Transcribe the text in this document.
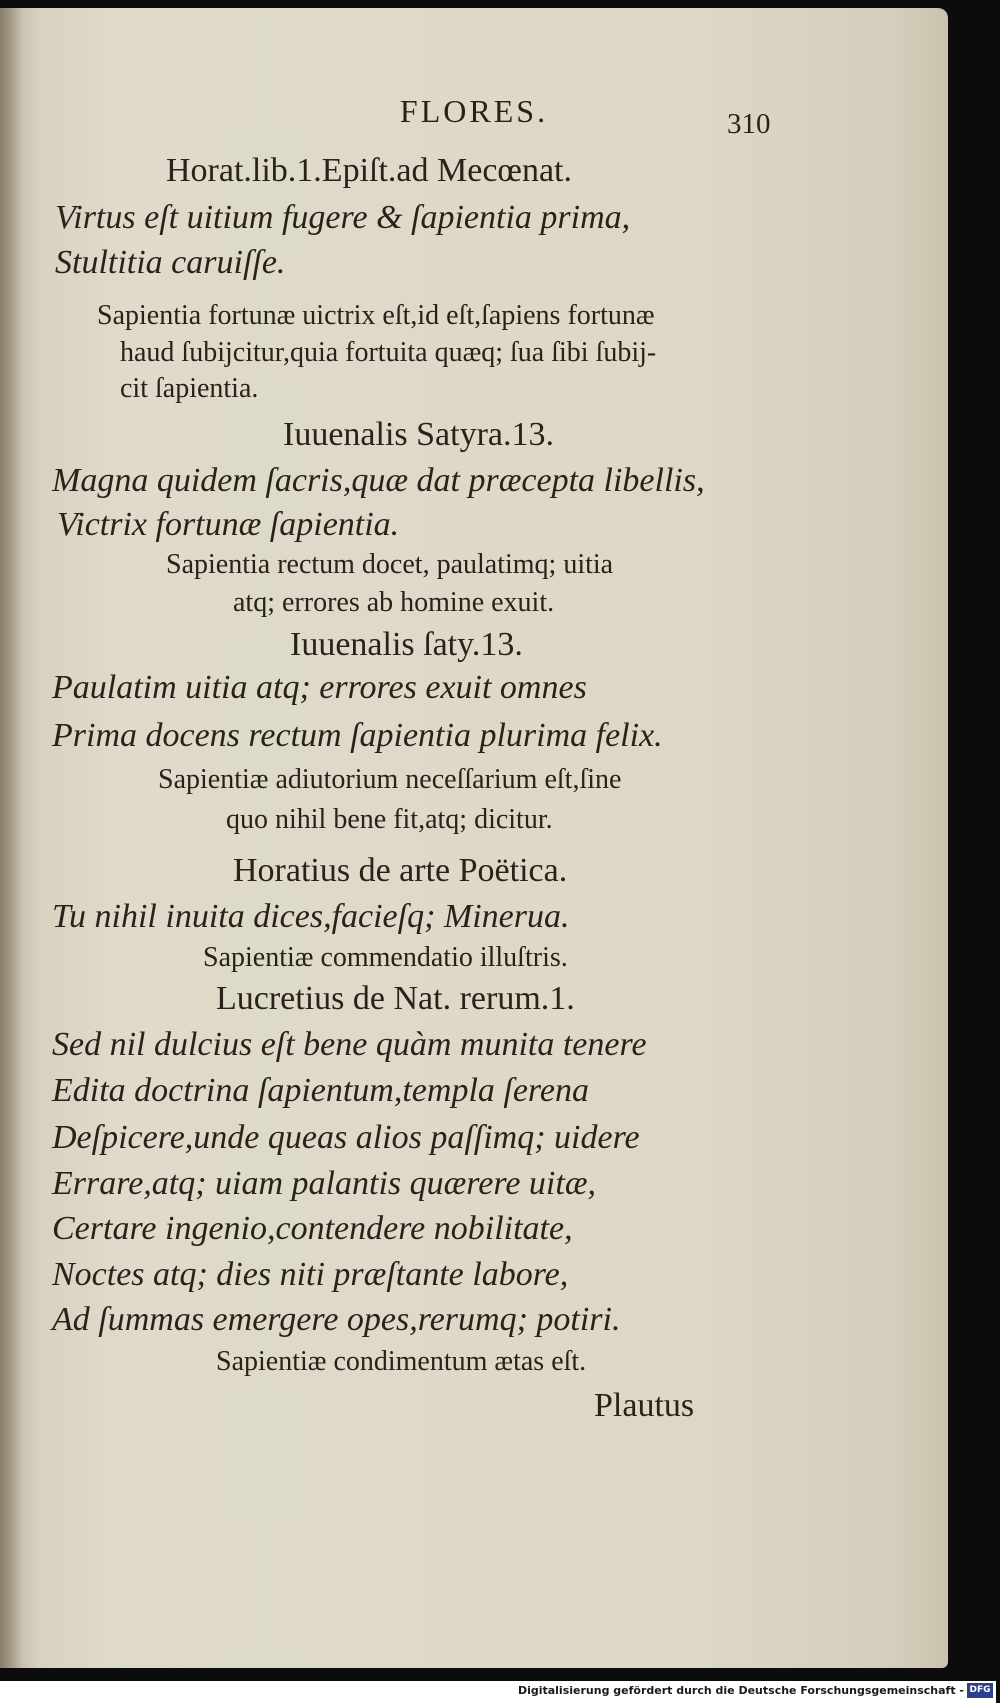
FLORES.	310
Horat.lib.1.Epiſt.ad Mecœnat.
Virtus eſt uitium fugere & ſapientia prima,
Stultitia caruiſſe.
Sapientia fortunæ uictrix eſt,id eſt,ſapiens fortunæ
haud ſubijcitur,quia fortuita quæq; ſua ſibi ſubij-
cit ſapientia.
Iuuenalis Satyra.13.
Magna quidem ſacris,quæ dat præcepta libellis,
Victrix fortunæ ſapientia.
Sapientia rectum docet, paulatimq; uitia
atq; errores ab homine exuit.
Iuuenalis ſaty.13.
Paulatim uitia atq; errores exuit omnes
Prima docens rectum ſapientia plurima felix.
Sapientiæ adiutorium neceſſarium eſt,ſine
quo nihil bene fit,atq; dicitur.
Horatius de arte Poëtica.
Tu nihil inuita dices,facieſq; Minerua.
Sapientiæ commendatio illuſtris.
Lucretius de Nat. rerum.1.
Sed nil dulcius eſt bene quàm munita tenere
Edita doctrina ſapientum,templa ſerena
Deſpicere,unde queas alios paſſimq; uidere
Errare,atq; uiam palantis quærere uitæ,
Certare ingenio,contendere nobilitate,
Noctes atq; dies niti præſtante labore,
Ad ſummas emergere opes,rerumq; potiri.
Sapientiæ condimentum ætas eſt.
Plautus
Digitalisierung gefördert durch die Deutsche Forschungsgemeinschaft - DFG
